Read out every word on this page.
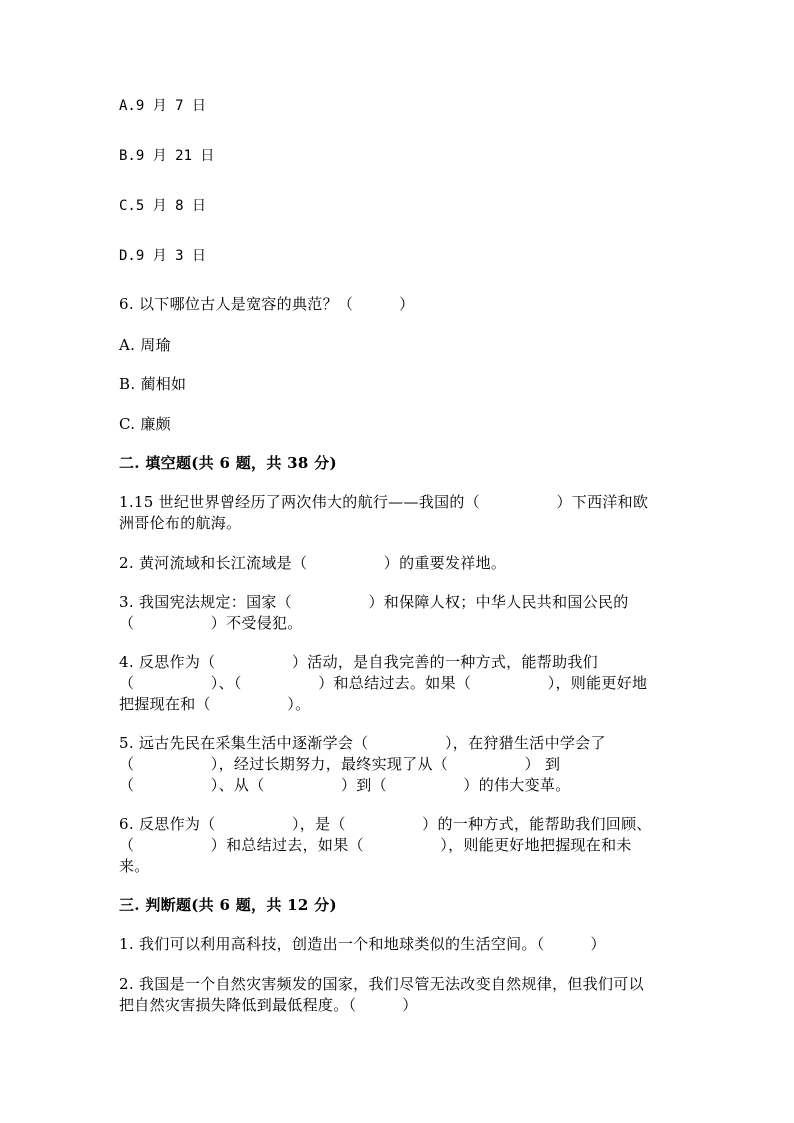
A.9 月 7 日
B.9 月 21 日
C.5 月 8 日
D.9 月 3 日
6. 以下哪位古人是宽容的典范？（　　　）
A. 周瑜
B. 蔺相如
C. 廉颇
二. 填空题(共 6 题，共 38 分)
1.15 世纪世界曾经历了两次伟大的航行——我国的（　　　　　）下西洋和欧
洲哥伦布的航海。
2. 黄河流域和长江流域是（　　　　　）的重要发祥地。
3. 我国宪法规定：国家（　　　　　）和保障人权；中华人民共和国公民的
（　　　　　）不受侵犯。
4. 反思作为（　　　　　）活动，是自我完善的一种方式，能帮助我们
（　　　　　）、（　　　　　）和总结过去。如果（　　　　　），则能更好地
把握现在和（　　　　　）。
5. 远古先民在采集生活中逐渐学会（　　　　　），在狩猎生活中学会了
（　　　　　），经过长期努力，最终实现了从（　　　　　） 到
（　　　　　）、从（　　　　　）到（　　　　　）的伟大变革。
6. 反思作为（　　　　　），是（　　　　　）的一种方式，能帮助我们回顾、
（　　　　　）和总结过去，如果（　　　　　），则能更好地把握现在和未
来。
三. 判断题(共 6 题，共 12 分)
1. 我们可以利用高科技，创造出一个和地球类似的生活空间。（　　　）
2. 我国是一个自然灾害频发的国家，我们尽管无法改变自然规律，但我们可以
把自然灾害损失降低到最低程度。（　　　）
